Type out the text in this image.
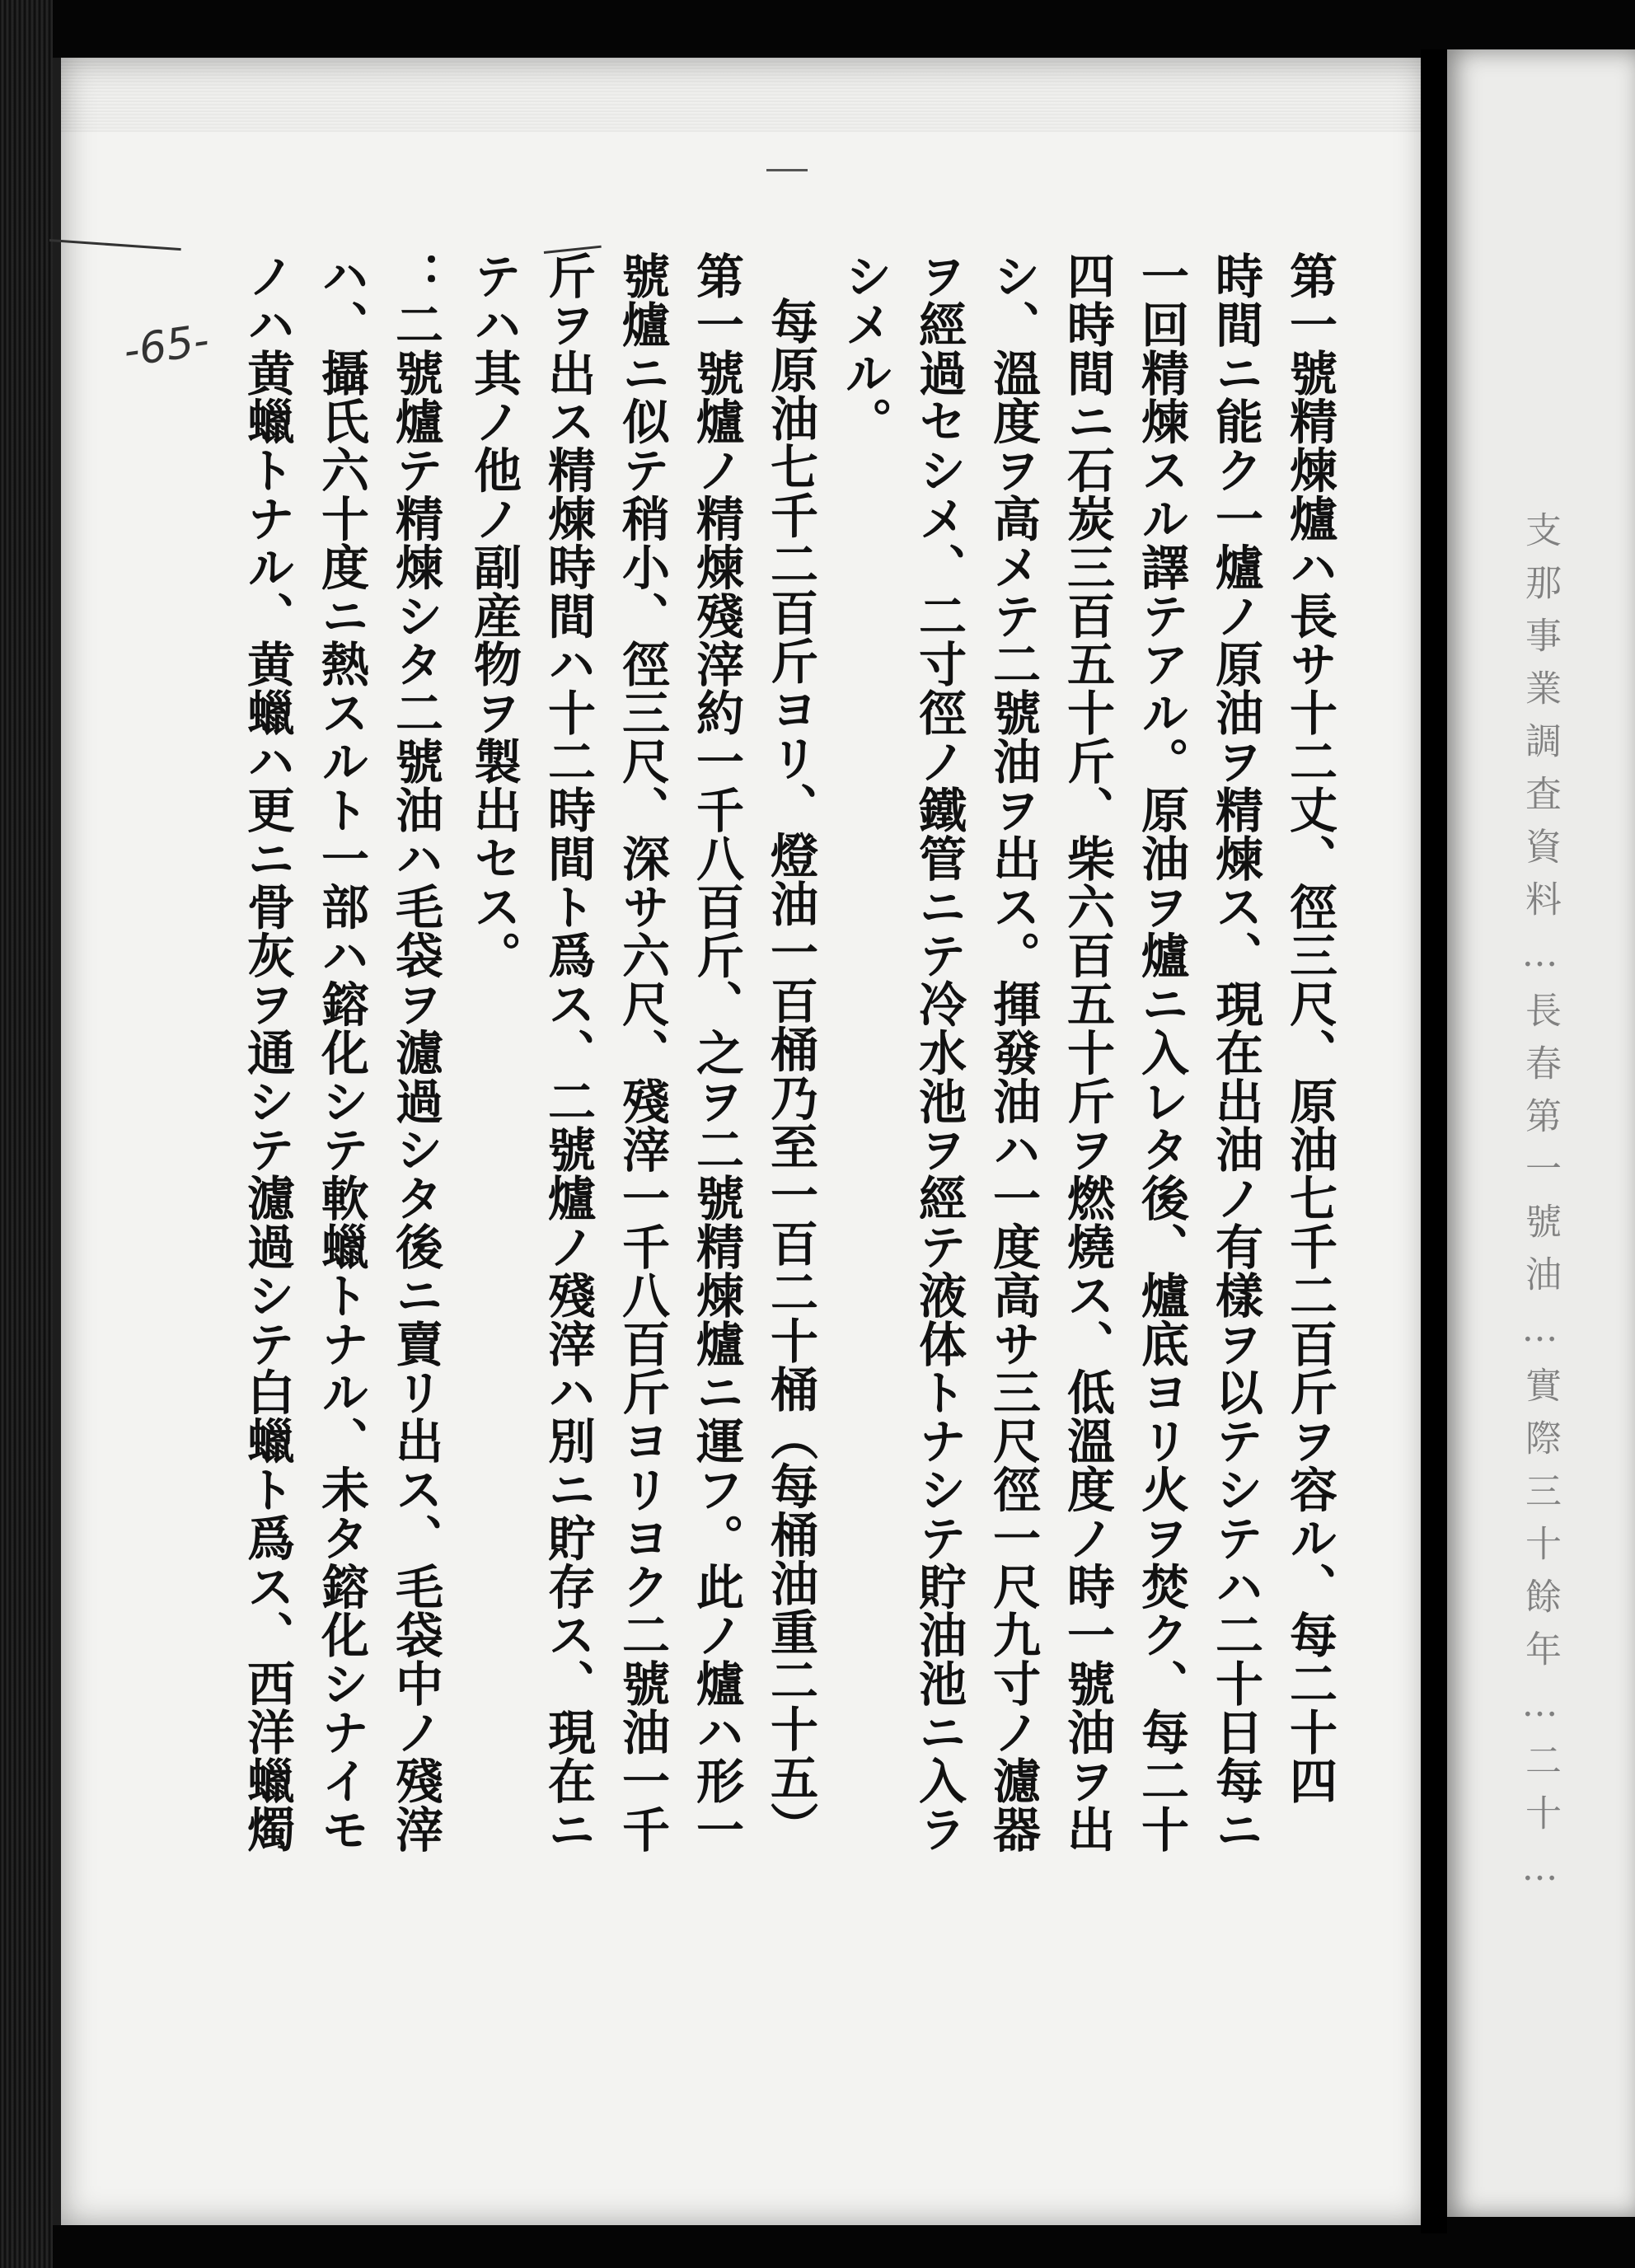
支那事業調査資料…長春第一號油…實際三十餘年…二十…
-65-	第一號精煉爐ハ長サ十二丈、徑三尺、原油七千二百斤ヲ容ル、每二十四
時間ニ能ク一爐ノ原油ヲ精煉ス、現在出油ノ有樣ヲ以テシテハ二十日每ニ
一回精煉スル譯テアル。原油ヲ爐ニ入レタ後、爐底ヨリ火ヲ焚ク、每二十
四時間ニ石炭三百五十斤、柴六百五十斤ヲ燃燒ス、低溫度ノ時一號油ヲ出
シ、溫度ヲ高メテ二號油ヲ出ス。揮發油ハ一度高サ三尺徑一尺九寸ノ濾器
ヲ經過セシメ、二寸徑ノ鐵管ニテ冷水池ヲ經テ液体トナシテ貯油池ニ入ラ
シメル。
每原油七千二百斤ヨリ、燈油一百桶乃至一百二十桶（每桶油重二十五）
第一號爐ノ精煉殘滓約一千八百斤、之ヲ二號精煉爐ニ運フ。此ノ爐ハ形一
號爐ニ似テ稍小、徑三尺、深サ六尺、殘滓一千八百斤ヨリヨク二號油一千
斤ヲ出ス精煉時間ハ十二時間ト爲ス、二號爐ノ殘滓ハ別ニ貯存ス、現在ニ
テハ其ノ他ノ副産物ヲ製出セス。
：二號爐テ精煉シタ二號油ハ毛袋ヲ濾過シタ後ニ賣リ出ス、毛袋中ノ殘滓
ハ、攝氏六十度ニ熱スルト一部ハ鎔化シテ軟蠟トナル、未タ鎔化シナイモ
ノハ黄蠟トナル、黄蠟ハ更ニ骨灰ヲ通シテ濾過シテ白蠟ト爲ス、西洋蠟燭
